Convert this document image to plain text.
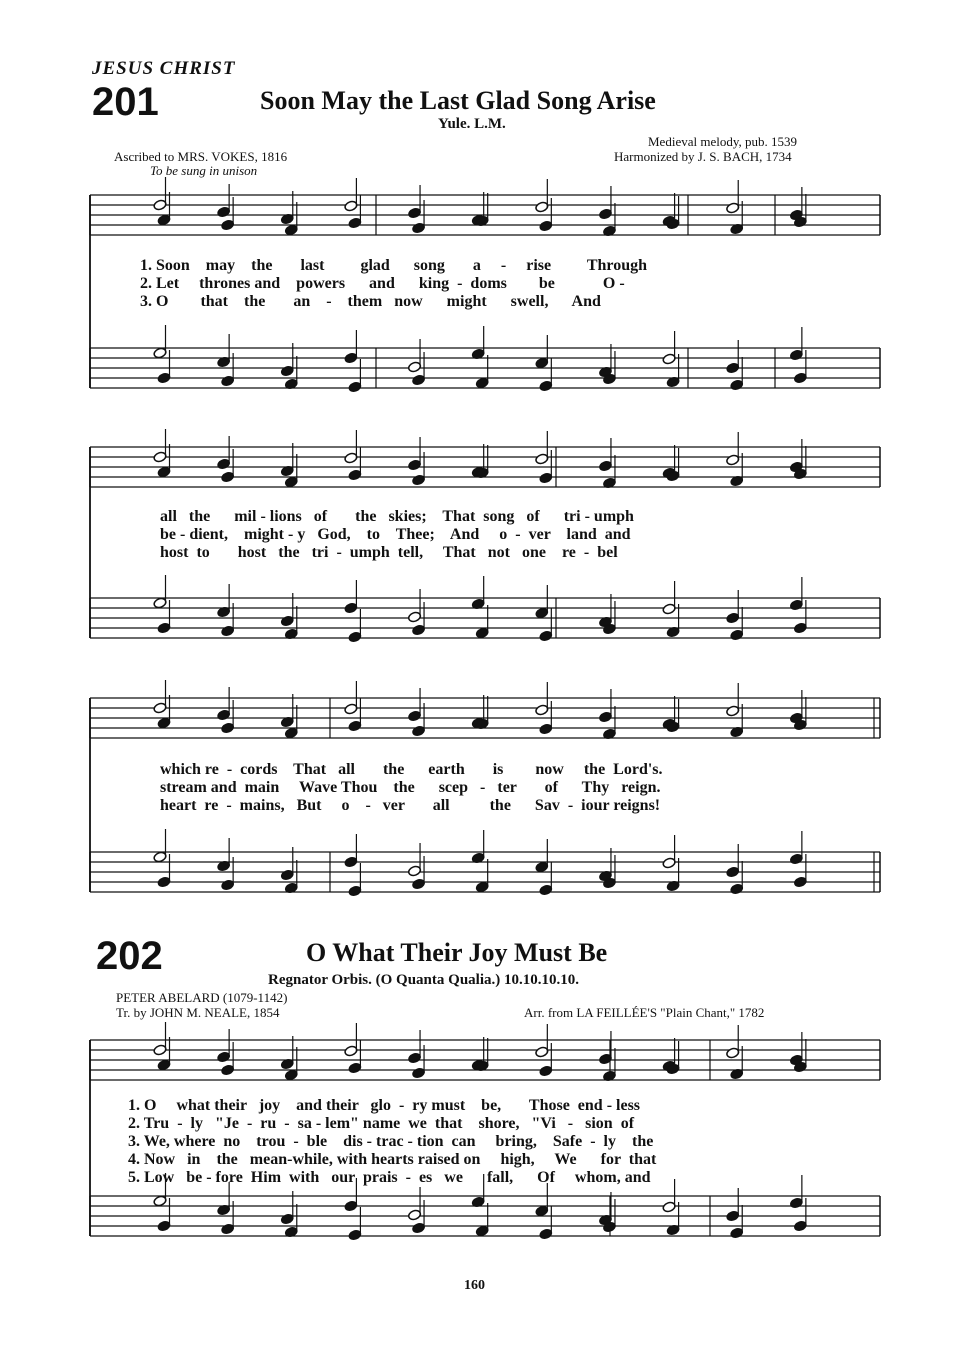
JESUS CHRIST
201	Soon May the Last Glad Song Arise
Yule. L.M.
Medieval melody, pub. 1539
Ascribed to MRS. VOKES, 1816	Harmonized by J. S. BACH, 1734
To be sung in unison
1. Soon    may    the       last         glad      song       a     -     rise         Through
2. Let     thrones and    powers      and      king  -  doms        be            O -
3. O        that    the       an    -    them   now      might      swell,      And
all   the      mil - lions   of       the   skies;    That  song   of      tri - umph
be - dient,    might - y   God,    to    Thee;    And     o  -  ver    land  and
host  to       host   the   tri  -  umph  tell,     That   not   one    re  -  bel
which re  -  cords    That   all       the      earth       is        now     the  Lord's.
stream and  main     Wave Thou    the      scep   -   ter       of      Thy   reign.
heart  re  -  mains,   But     o    -   ver       all          the      Sav  -  iour reigns!
202	O What Their Joy Must Be
Regnator Orbis. (O Quanta Qualia.) 10.10.10.10.
PETER ABELARD (1079-1142)
Tr. by JOHN M. NEALE, 1854	Arr. from LA FEILLÉE'S "Plain Chant," 1782
1. O     what their   joy    and their   glo  -  ry must    be,       Those  end - less
2. Tru  -  ly   "Je  -  ru  -  sa - lem" name  we  that    shore,   "Vi   -   sion  of
3. We, where  no    trou  -  ble    dis - trac - tion  can     bring,    Safe  -  ly    the
4. Now   in    the   mean-while, with hearts raised on     high,     We      for  that
5. Low   be - fore  Him  with   our  prais  -  es   we      fall,      Of     whom, and
160
